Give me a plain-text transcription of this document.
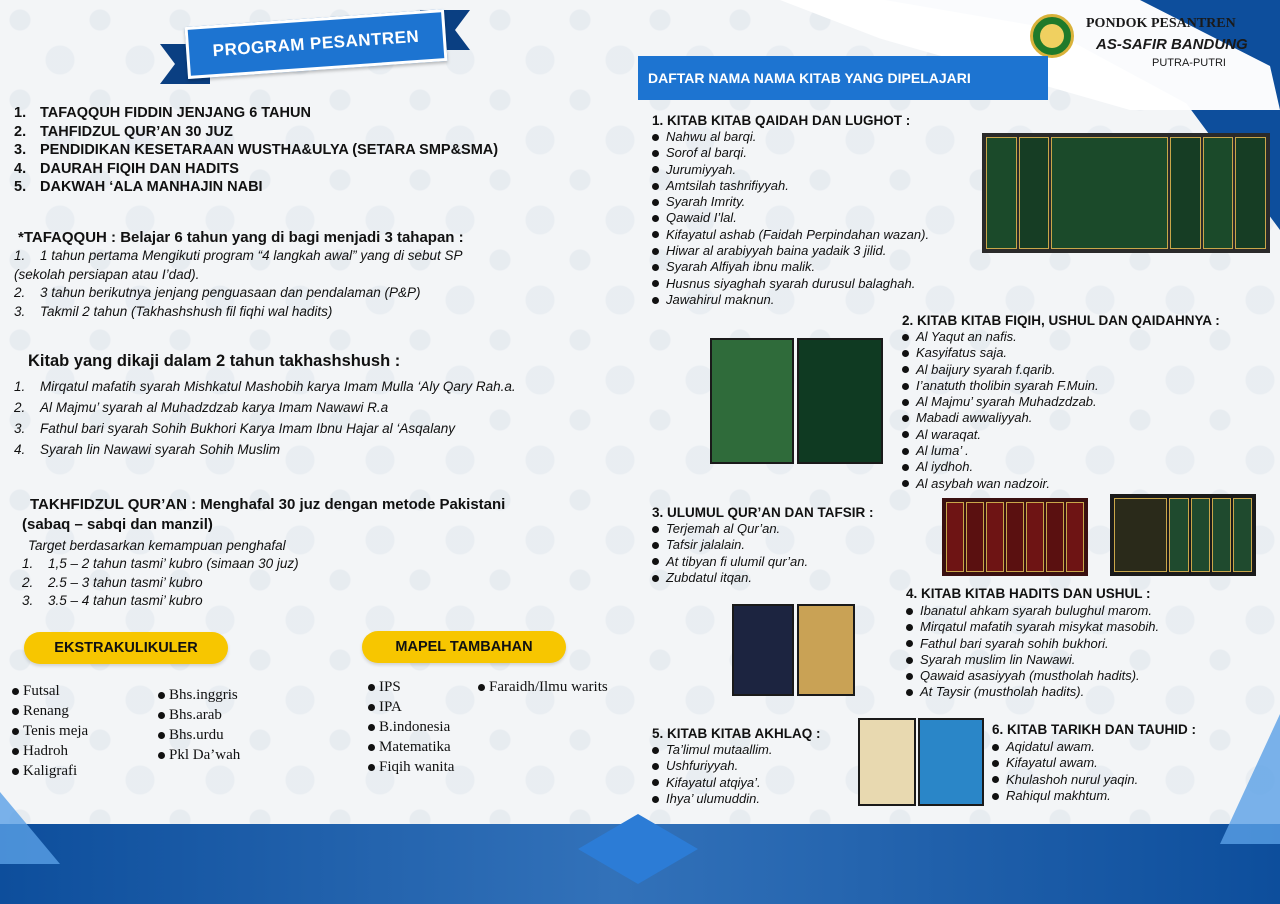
PROGRAM PESANTREN
PONDOK PESANTREN
AS-SAFIR BANDUNG
PUTRA-PUTRI
1. TAFAQQUH FIDDIN JENJANG 6 TAHUN
2. TAHFIDZUL QUR’AN 30 JUZ
3. PENDIDIKAN KESETARAAN WUSTHA&ULYA (SETARA SMP&SMA)
4. DAURAH FIQIH DAN HADITS
5. DAKWAH ‘ALA MANHAJIN NABI
*TAFAQQUH : Belajar 6 tahun yang di bagi menjadi 3 tahapan :
1.	1 tahun pertama Mengikuti program “4 langkah awal” yang di sebut SP
(sekolah persiapan atau I’dad).
2.	3 tahun berikutnya jenjang penguasaan dan pendalaman (P&P)
3.	Takmil 2 tahun (Takhashshush fil fiqhi wal hadits)
Kitab yang dikaji dalam 2 tahun takhashshush :
1.	Mirqatul mafatih syarah Mishkatul Mashobih karya Imam Mulla ‘Aly Qary Rah.a.
2.	Al Majmu’ syarah al Muhadzdzab karya Imam Nawawi R.a
3.	Fathul bari syarah Sohih Bukhori Karya Imam Ibnu Hajar al ‘Asqalany
4.	Syarah lin Nawawi syarah Sohih Muslim
TAKHFIDZUL QUR’AN : Menghafal 30 juz dengan metode Pakistani
(sabaq – sabqi dan manzil)
Target berdasarkan kemampuan penghafal
1.	1,5 – 2 tahun tasmi’ kubro (simaan 30 juz)
2.	2.5 – 3 tahun tasmi’ kubro
3.	3.5 – 4 tahun tasmi’ kubro
EKSTRAKULIKULER
Futsal
Renang
Tenis meja
Hadroh
Kaligrafi
Bhs.inggris
Bhs.arab
Bhs.urdu
Pkl Da’wah
MAPEL TAMBAHAN
IPS
IPA
B.indonesia
Matematika
Fiqih wanita
Faraidh/Ilmu warits
DAFTAR NAMA NAMA KITAB YANG DIPELAJARI
1. KITAB KITAB QAIDAH DAN LUGHOT :
Nahwu al barqi.
Sorof al barqi.
Jurumiyyah.
Amtsilah tashrifiyyah.
Syarah Imrity.
Qawaid I’lal.
Kifayatul ashab (Faidah Perpindahan wazan).
Hiwar al arabiyyah baina yadaik 3 jilid.
Syarah Alfiyah ibnu malik.
Husnus siyaghah syarah durusul balaghah.
Jawahirul maknun.
2. KITAB KITAB FIQIH, USHUL DAN QAIDAHNYA :
Al Yaqut an nafis.
Kasyifatus saja.
Al baijury syarah f.qarib.
I’anatuth tholibin syarah F.Muin.
Al Majmu’ syarah Muhadzdzab.
Mabadi awwaliyyah.
Al waraqat.
Al luma’ .
Al iydhoh.
Al asybah wan nadzoir.
3. ULUMUL QUR’AN DAN TAFSIR :
Terjemah al Qur’an.
Tafsir jalalain.
At tibyan fi ulumil qur’an.
Zubdatul itqan.
4. KITAB KITAB HADITS DAN USHUL :
Ibanatul ahkam syarah bulughul marom.
Mirqatul mafatih syarah misykat masobih.
Fathul bari syarah sohih bukhori.
Syarah muslim lin Nawawi.
Qawaid asasiyyah (mustholah hadits).
At Taysir (mustholah hadits).
5. KITAB KITAB AKHLAQ :
Ta’limul mutaallim.
Ushfuriyyah.
Kifayatul atqiya’.
Ihya’ ulumuddin.
6. KITAB TARIKH DAN TAUHID :
Aqidatul awam.
Kifayatul awam.
Khulashoh nurul yaqin.
Rahiqul makhtum.
